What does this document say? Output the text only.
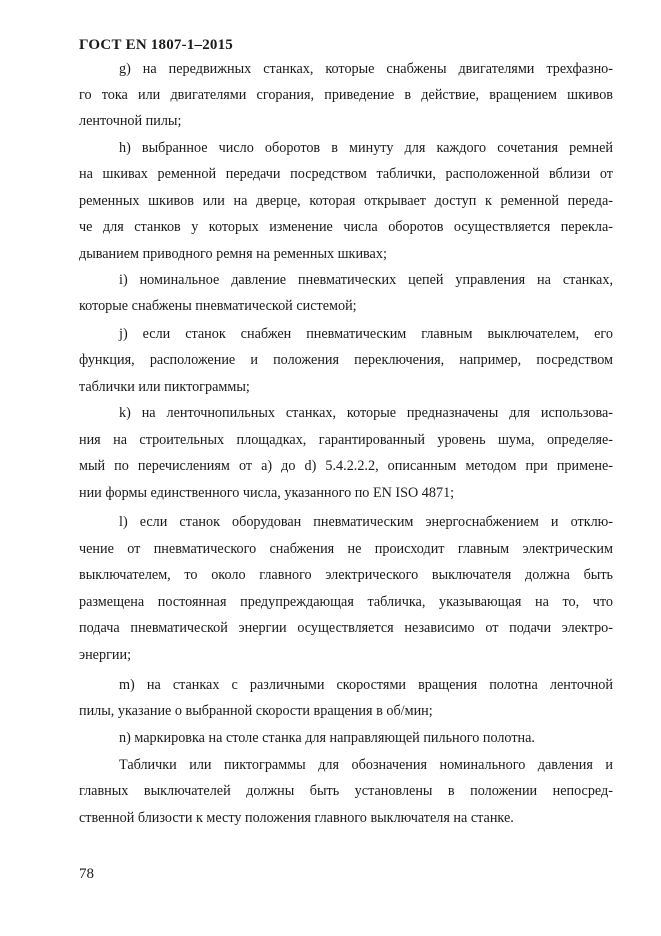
ГОСТ EN 1807-1–2015
g) на передвижных станках, которые снабжены двигателями трехфазно-
го тока или двигателями сгорания, приведение в действие, вращением шкивов
ленточной пилы;
h) выбранное число оборотов в минуту для каждого сочетания ремней
на шкивах ременной передачи посредством таблички, расположенной вблизи от
ременных шкивов или на дверце, которая открывает доступ к ременной переда-
че для станков у которых изменение числа оборотов осуществляется перекла-
дыванием приводного ремня на ременных шкивах;
i) номинальное давление пневматических цепей управления на станках,
которые снабжены пневматической системой;
j) если станок снабжен пневматическим главным выключателем, его
функция, расположение и положения переключения, например, посредством
таблички или пиктограммы;
k) на ленточнопильных станках, которые предназначены для использова-
ния на строительных площадках, гарантированный уровень шума, определяе-
мый по перечислениям от a) до d) 5.4.2.2.2, описанным методом при примене-
нии формы единственного числа, указанного по EN ISO 4871;
l) если станок оборудован пневматическим энергоснабжением и отклю-
чение от пневматического снабжения не происходит главным электрическим
выключателем, то около главного электрического выключателя должна быть
размещена постоянная предупреждающая табличка, указывающая на то, что
подача пневматической энергии осуществляется независимо от подачи электро-
энергии;
m) на станках с различными скоростями вращения полотна ленточной
пилы, указание о выбранной скорости вращения в об/мин;
n) маркировка на столе станка для направляющей пильного полотна.
Таблички или пиктограммы для обозначения номинального давления и
главных выключателей должны быть установлены в положении непосред-
ственной близости к месту положения главного выключателя на станке.
78
